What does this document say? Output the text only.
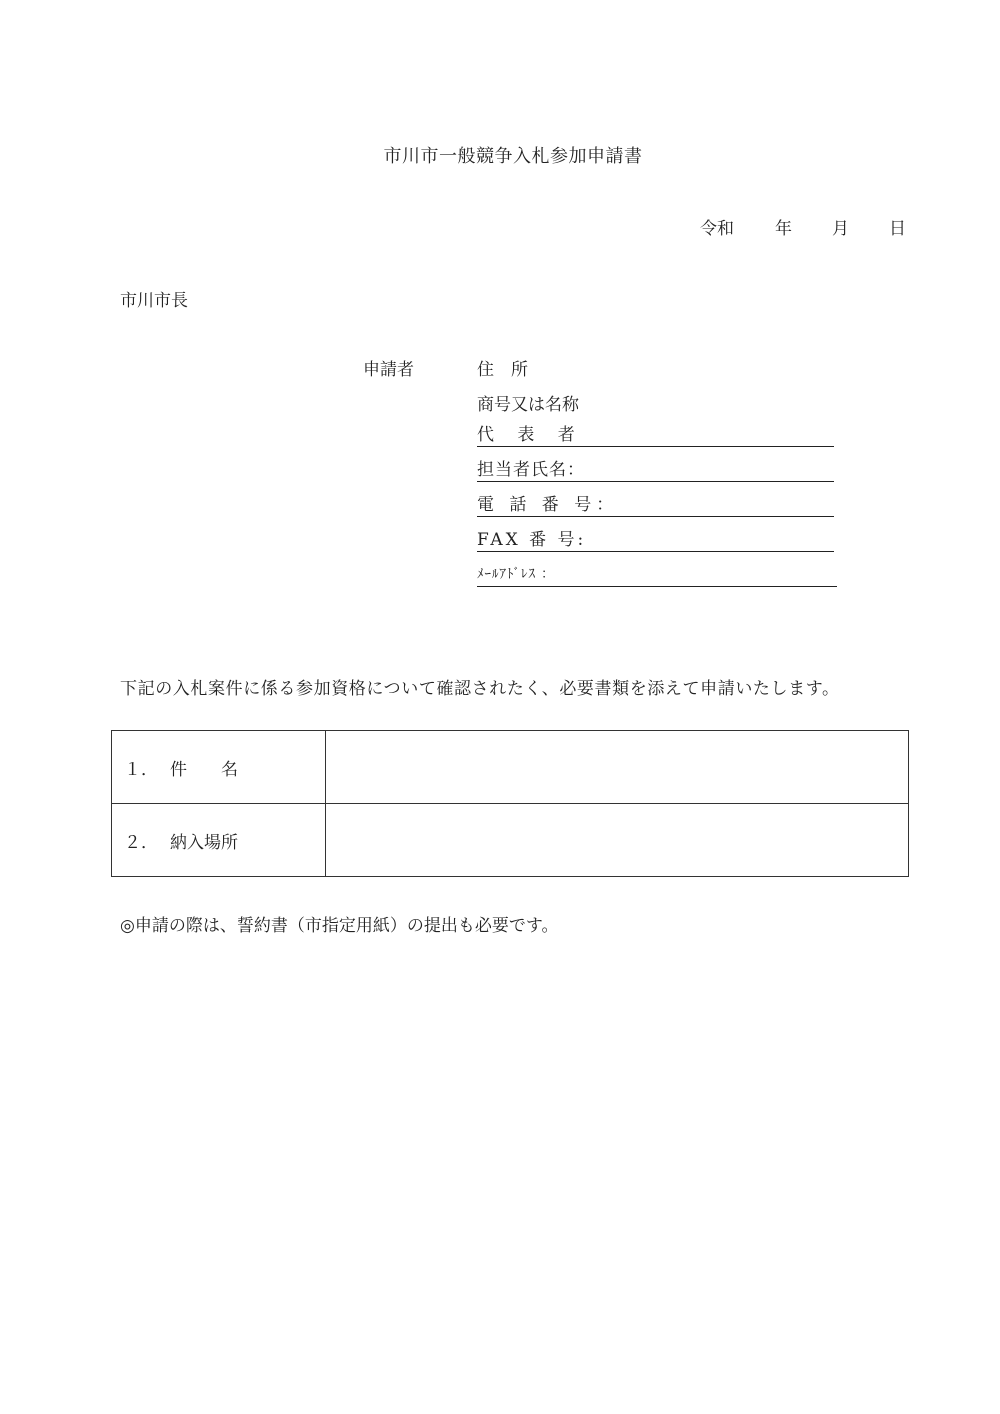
市川市一般競争入札参加申請書
令和 年 月 日
市川市長
申請者	住　所
商号又は名称
代 表 者
担当者氏名：
電 話 番 号：
FAX 番 号:
ﾒｰﾙｱﾄﾞﾚｽ ：
下記の入札案件に係る参加資格について確認されたく、必要書類を添えて申請いたします。
１． 件　　名	
２． 納入場所	
◎申請の際は、誓約書（市指定用紙）の提出も必要です。
